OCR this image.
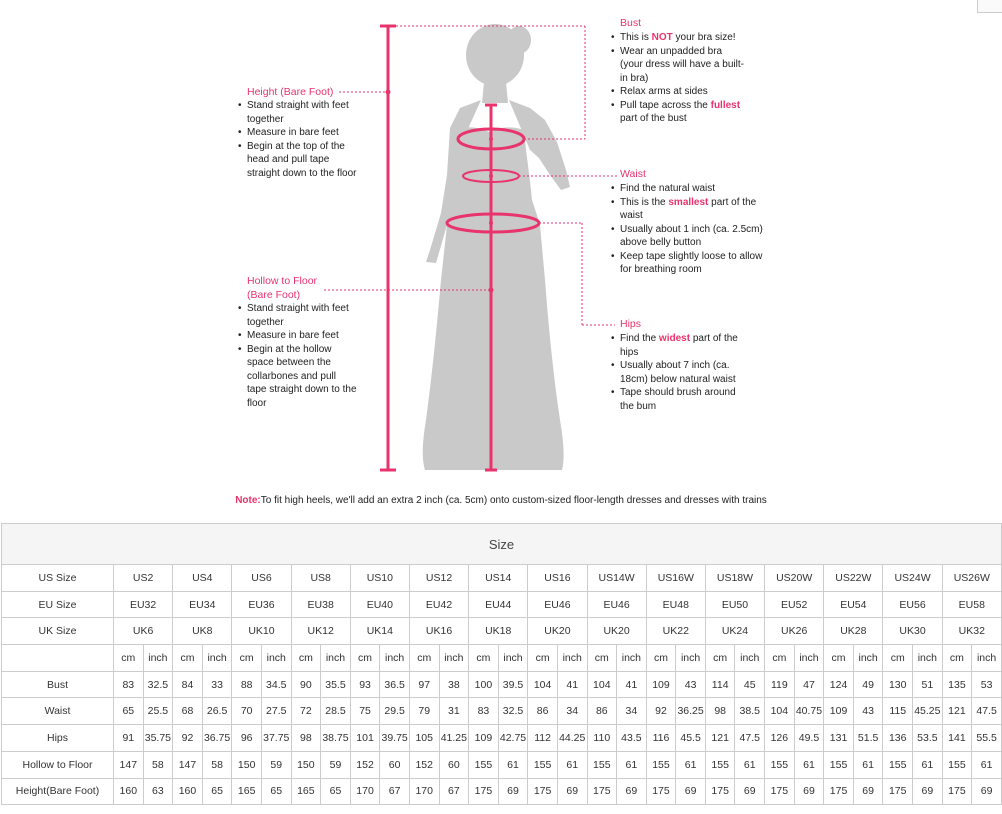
Height (Bare Foot)
• Stand straight with feet together
• Measure in bare feet
• Begin at the top of the head and pull tape straight down to the floor
Hollow to Floor
(Bare Foot)
• Stand straight with feet together
• Measure in bare feet
• Begin at the hollow space between the collarbones and pull tape straight down to the floor
Bust
• This is NOT your bra size!
• Wear an unpadded bra (your dress will have a built-in bra)
• Relax arms at sides
• Pull tape across the fullest part of the bust
Waist
• Find the natural waist
• This is the smallest part of the waist
• Usually about 1 inch (ca. 2.5cm) above belly button
• Keep tape slightly loose to allow for breathing room
Hips
• Find the widest part of the hips
• Usually about 7 inch (ca. 18cm) below natural waist
• Tape should brush around the bum
Note:To fit high heels, we'll add an extra 2 inch (ca. 5cm) onto custom-sized floor-length dresses and dresses with trains
Size																														
US Size	US2		US4		US6		US8		US10		US12		US14		US16		US14W		US16W		US18W		US20W		US22W		US24W		US26W	
EU Size	EU32		EU34		EU36		EU38		EU40		EU42		EU44		EU46		EU46		EU48		EU50		EU52		EU54		EU56		EU58	
UK Size	UK6		UK8		UK10		UK12		UK14		UK16		UK18		UK20		UK20		UK22		UK24		UK26		UK28		UK30		UK32	
	cm	inch	cm	inch	cm	inch	cm	inch	cm	inch	cm	inch	cm	inch	cm	inch	cm	inch	cm	inch	cm	inch	cm	inch	cm	inch	cm	inch	cm	inch
Bust	83	32.5	84	33	88	34.5	90	35.5	93	36.5	97	38	100	39.5	104	41	104	41	109	43	114	45	119	47	124	49	130	51	135	53
Waist	65	25.5	68	26.5	70	27.5	72	28.5	75	29.5	79	31	83	32.5	86	34	86	34	92	36.25	98	38.5	104	40.75	109	43	115	45.25	121	47.5
Hips	91	35.75	92	36.75	96	37.75	98	38.75	101	39.75	105	41.25	109	42.75	112	44.25	110	43.5	116	45.5	121	47.5	126	49.5	131	51.5	136	53.5	141	55.5
Hollow to Floor	147	58	147	58	150	59	150	59	152	60	152	60	155	61	155	61	155	61	155	61	155	61	155	61	155	61	155	61	155	61
Height(Bare Foot)	160	63	160	65	165	65	165	65	170	67	170	67	175	69	175	69	175	69	175	69	175	69	175	69	175	69	175	69	175	69
